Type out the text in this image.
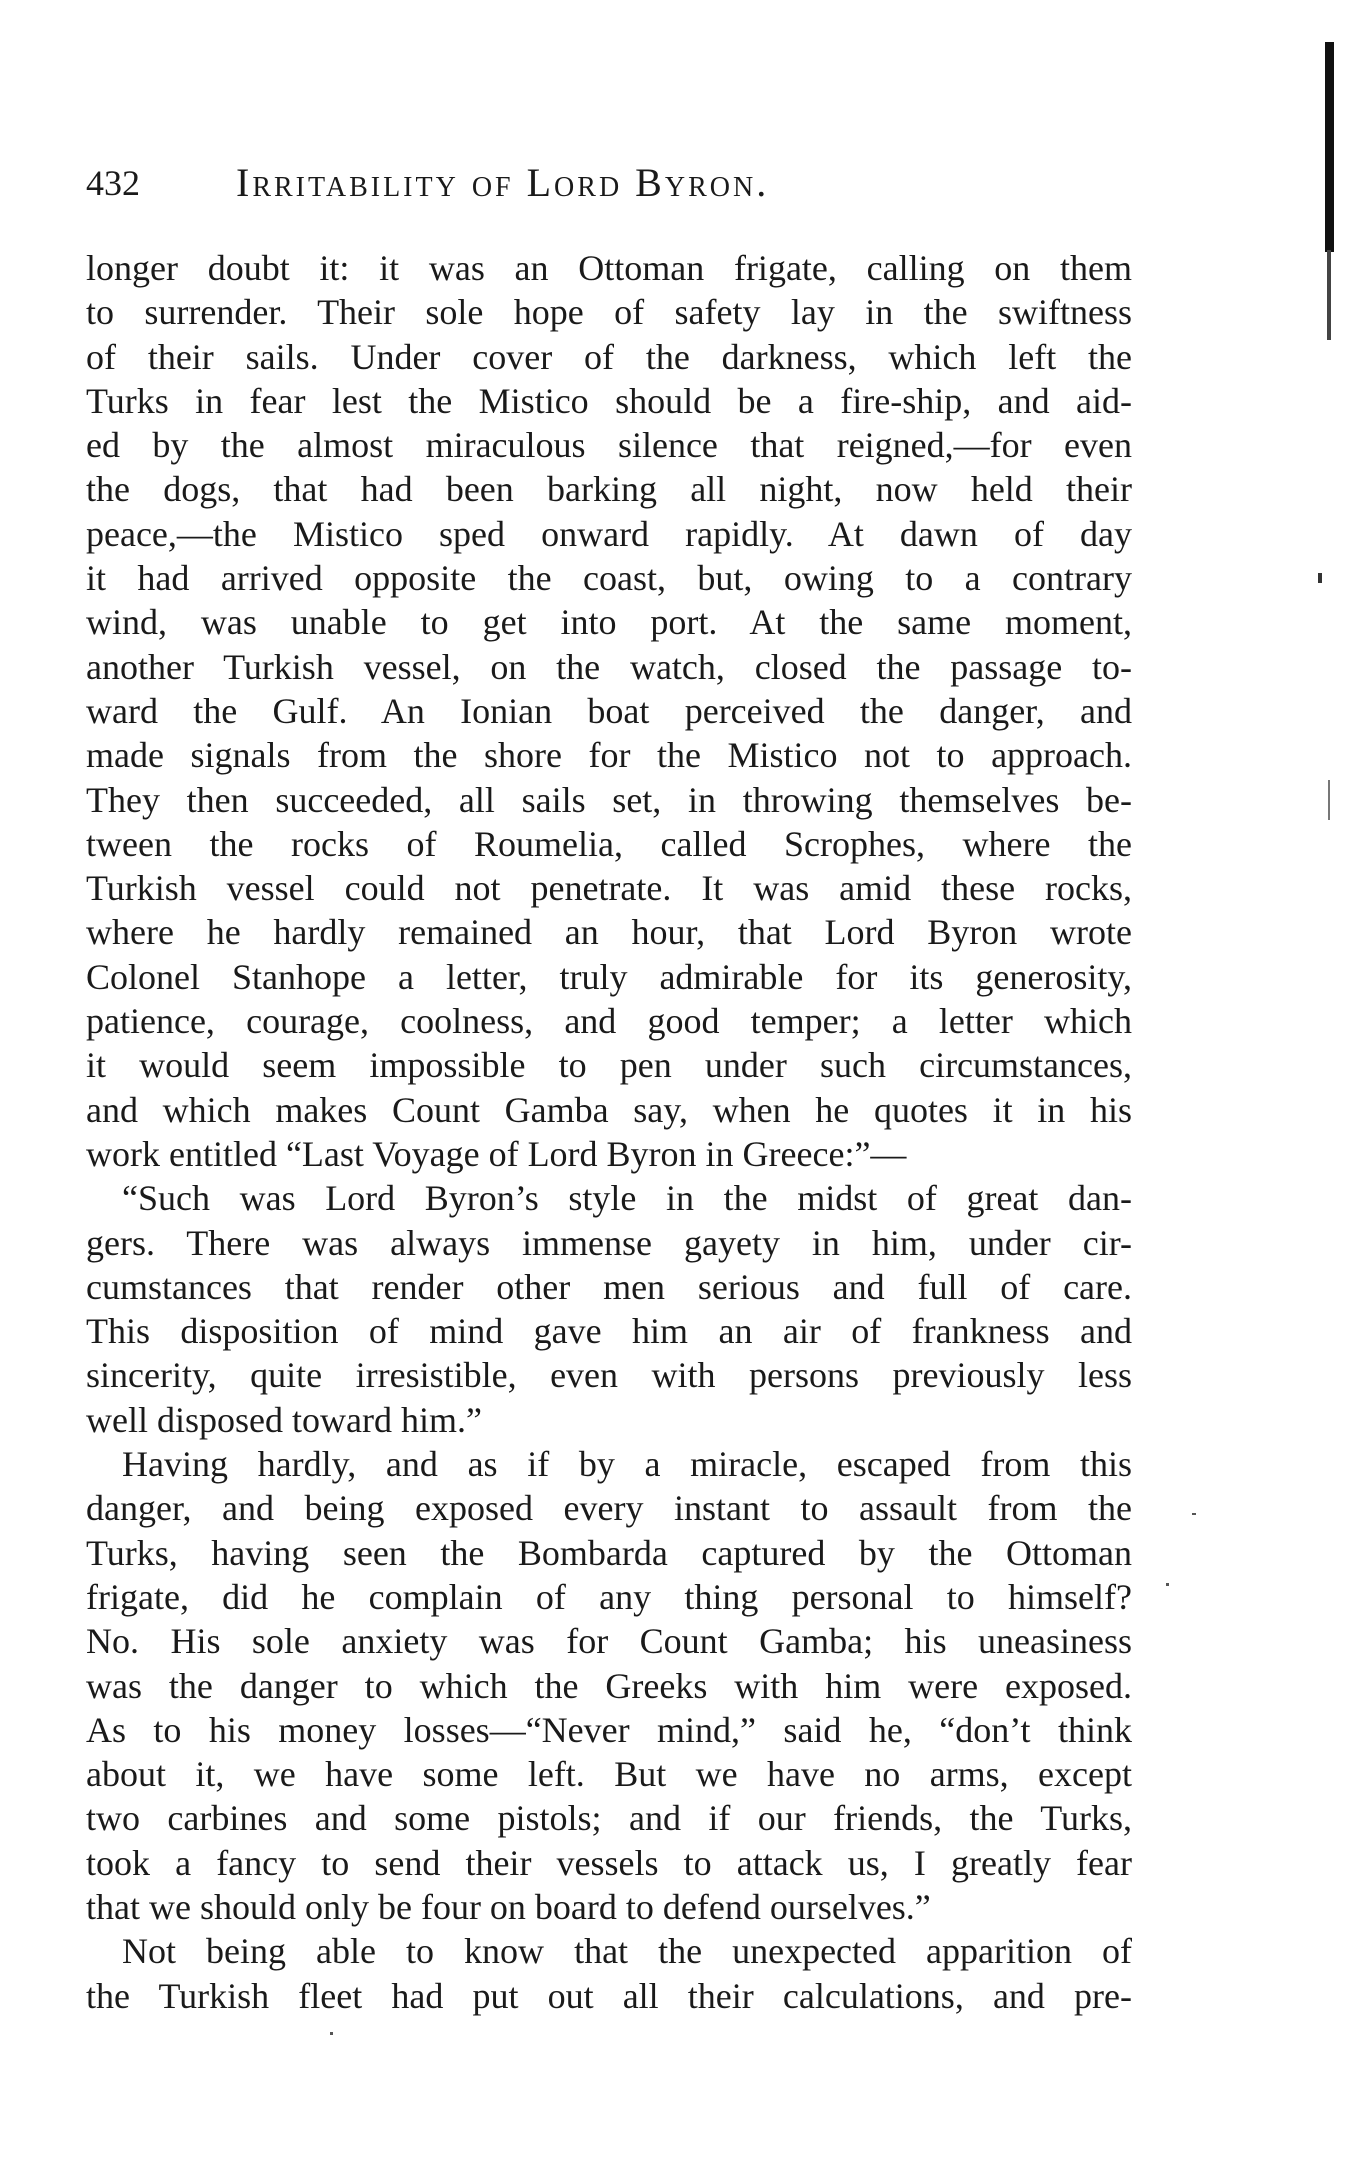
432 Irritability of Lord Byron.
longer doubt it: it was an Ottoman frigate, calling on them
to surrender. Their sole hope of safety lay in the swiftness
of their sails. Under cover of the darkness, which left the
Turks in fear lest the Mistico should be a fire-ship, and aid-
ed by the almost miraculous silence that reigned,—for even
the dogs, that had been barking all night, now held their
peace,—the Mistico sped onward rapidly. At dawn of day
it had arrived opposite the coast, but, owing to a contrary
wind, was unable to get into port. At the same moment,
another Turkish vessel, on the watch, closed the passage to-
ward the Gulf. An Ionian boat perceived the danger, and
made signals from the shore for the Mistico not to approach.
They then succeeded, all sails set, in throwing themselves be-
tween the rocks of Roumelia, called Scrophes, where the
Turkish vessel could not penetrate. It was amid these rocks,
where he hardly remained an hour, that Lord Byron wrote
Colonel Stanhope a letter, truly admirable for its generosity,
patience, courage, coolness, and good temper; a letter which
it would seem impossible to pen under such circumstances,
and which makes Count Gamba say, when he quotes it in his
work entitled “Last Voyage of Lord Byron in Greece:”—
“Such was Lord Byron’s style in the midst of great dan-
gers. There was always immense gayety in him, under cir-
cumstances that render other men serious and full of care.
This disposition of mind gave him an air of frankness and
sincerity, quite irresistible, even with persons previously less
well disposed toward him.”
Having hardly, and as if by a miracle, escaped from this
danger, and being exposed every instant to assault from the
Turks, having seen the Bombarda captured by the Ottoman
frigate, did he complain of any thing personal to himself?
No. His sole anxiety was for Count Gamba; his uneasiness
was the danger to which the Greeks with him were exposed.
As to his money losses—“Never mind,” said he, “don’t think
about it, we have some left. But we have no arms, except
two carbines and some pistols; and if our friends, the Turks,
took a fancy to send their vessels to attack us, I greatly fear
that we should only be four on board to defend ourselves.”
Not being able to know that the unexpected apparition of
the Turkish fleet had put out all their calculations, and pre-
